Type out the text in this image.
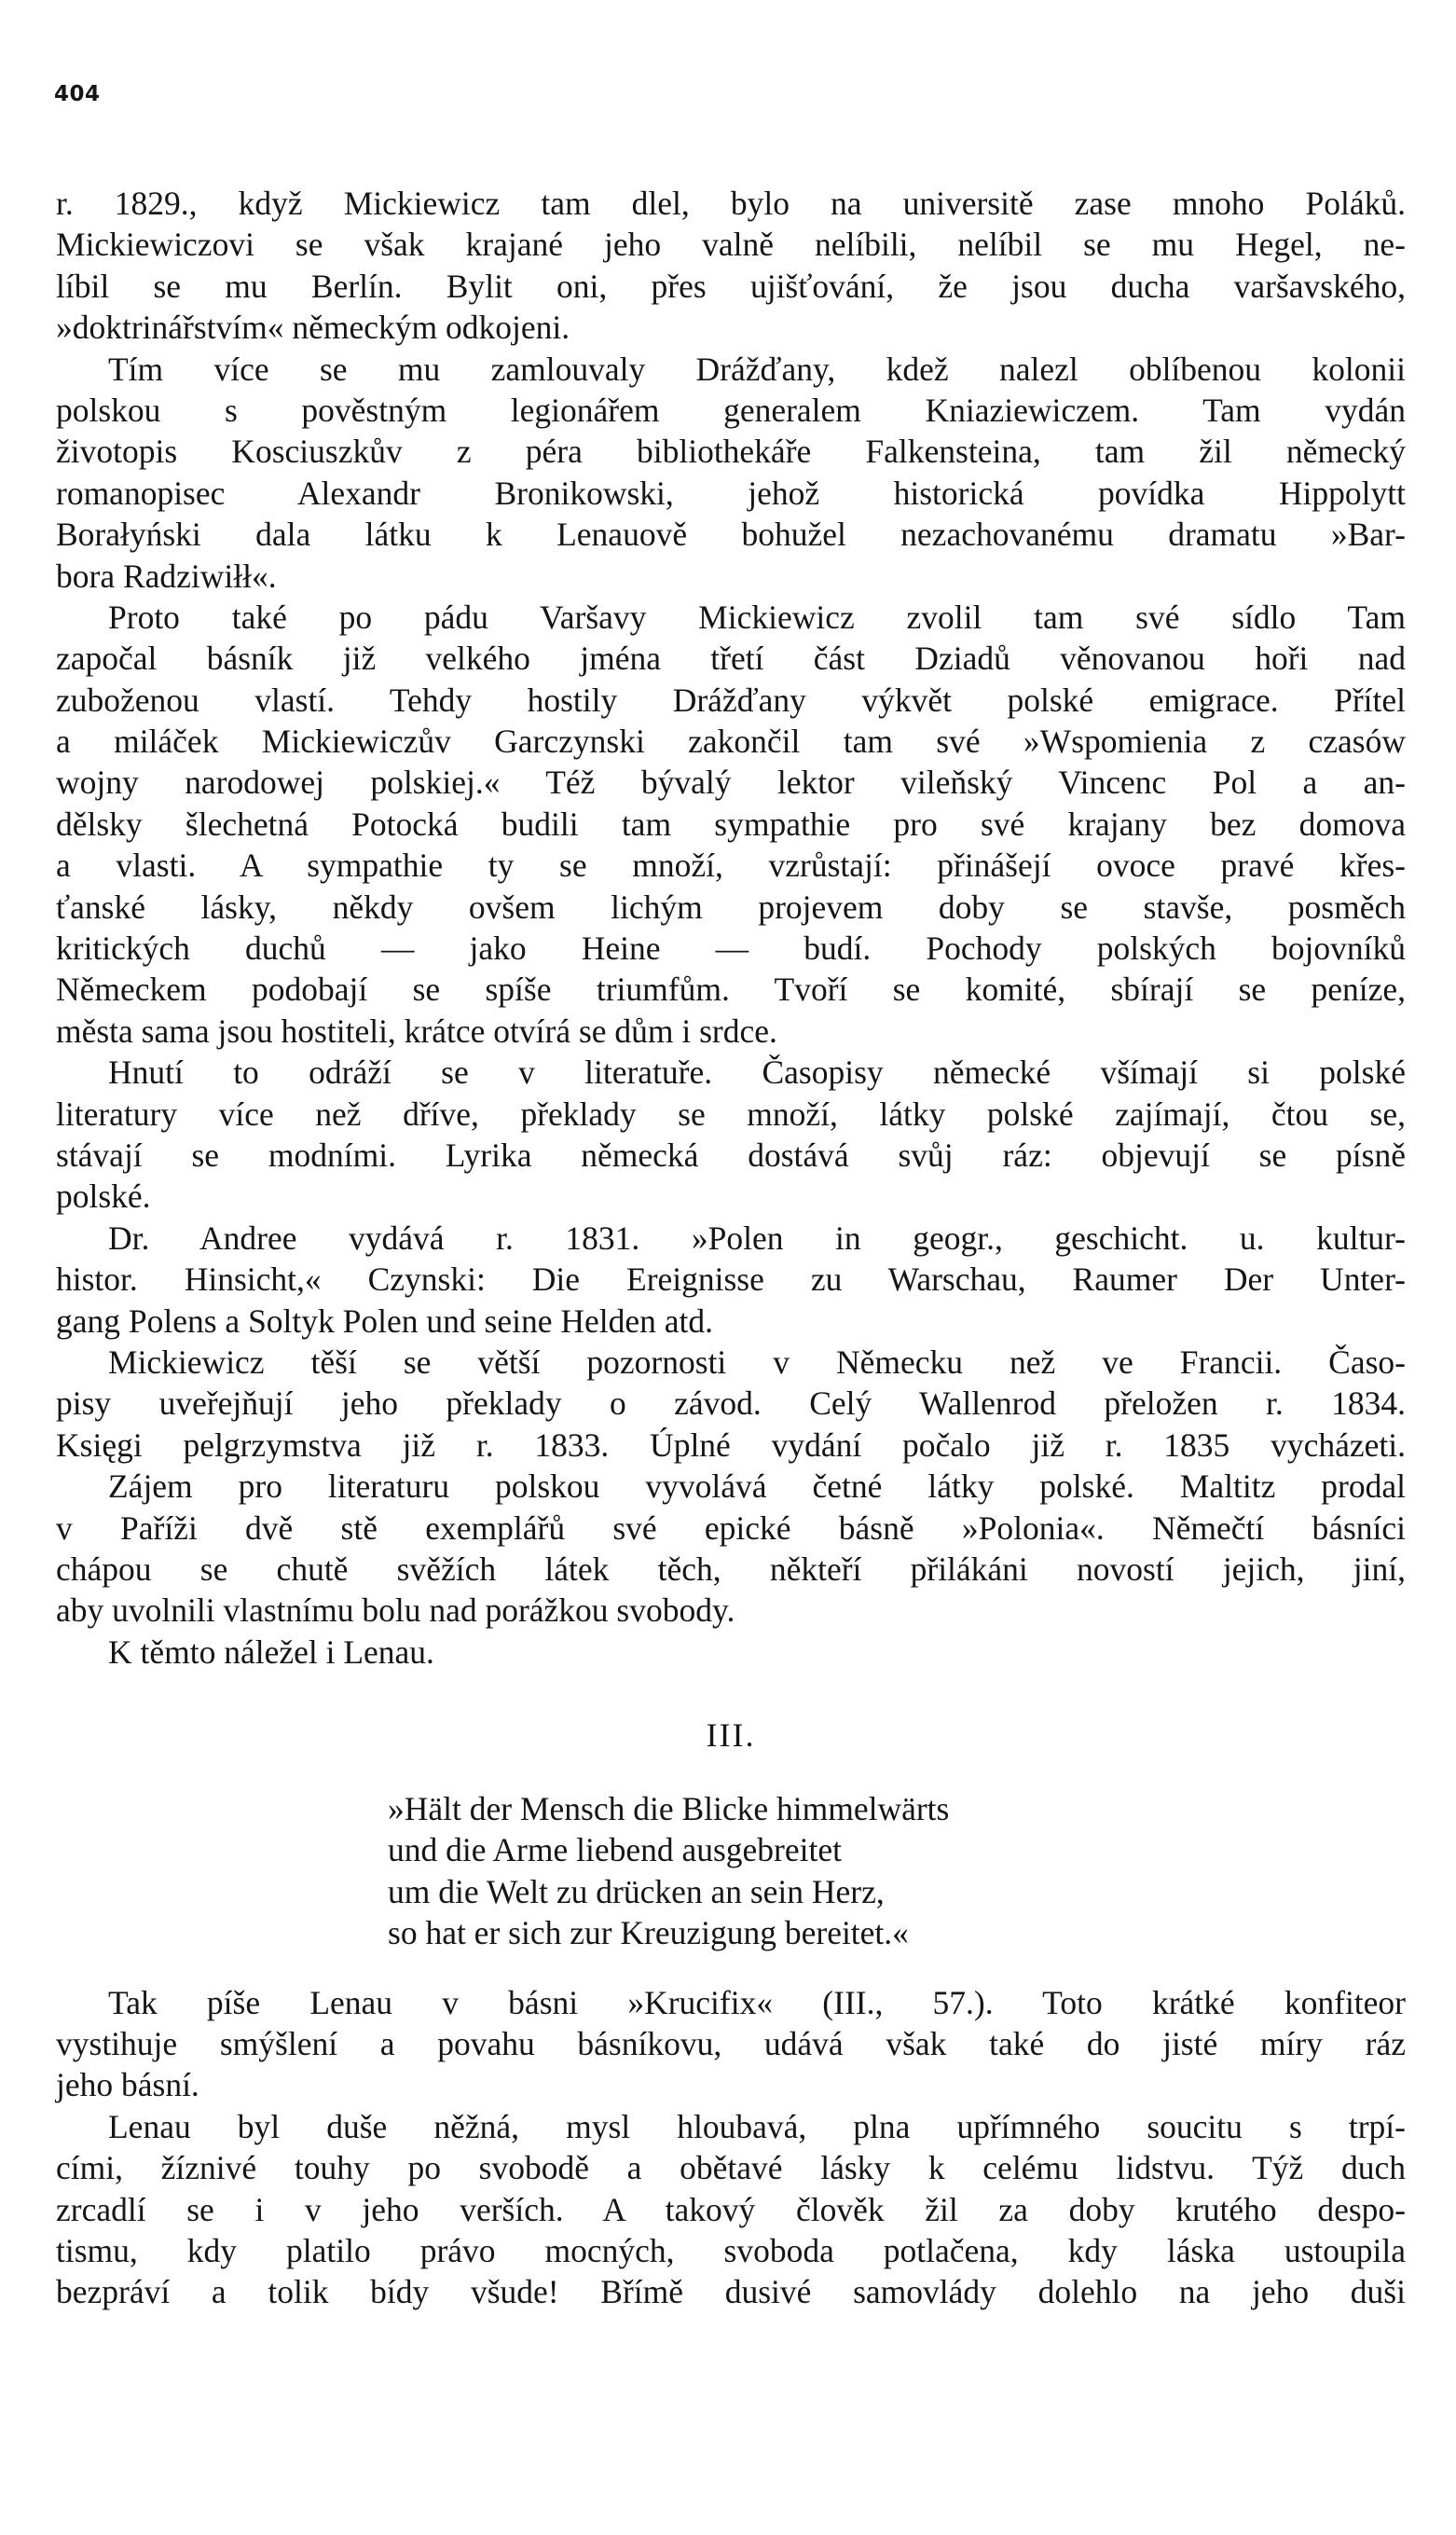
404
r. 1829., když Mickiewicz tam dlel, bylo na universitě zase mnoho Poláků.
Mickiewiczovi se však krajané jeho valně nelíbili, nelíbil se mu Hegel, ne-
líbil se mu Berlín. Bylit oni, přes ujišťování, že jsou ducha varšavského,
»doktrinářstvím« německým odkojeni.
Tím více se mu zamlouvaly Drážďany, kdež nalezl oblíbenou kolonii
polskou s pověstným legionářem generalem Kniaziewiczem. Tam vydán
životopis Kosciuszkův z péra bibliothekáře Falkensteina, tam žil německý
romanopisec Alexandr Bronikowski, jehož historická povídka Hippolytt
Borałyński dala látku k Lenauově bohužel nezachovanému dramatu »Bar-
bora Radziwiłł«.
Proto také po pádu Varšavy Mickiewicz zvolil tam své sídlo Tam
započal básník již velkého jména třetí část Dziadů věnovanou hoři nad
zuboženou vlastí. Tehdy hostily Drážďany výkvět polské emigrace. Přítel
a miláček Mickiewiczův Garczynski zakončil tam své »Wspomienia z czasów
wojny narodowej polskiej.« Též bývalý lektor vileňský Vincenc Pol a an-
dělsky šlechetná Potocká budili tam sympathie pro své krajany bez domova
a vlasti. A sympathie ty se množí, vzrůstají: přinášejí ovoce pravé křes-
ťanské lásky, někdy ovšem lichým projevem doby se stavše, posměch
kritických duchů — jako Heine — budí. Pochody polských bojovníků
Německem podobají se spíše triumfům. Tvoří se komité, sbírají se peníze,
města sama jsou hostiteli, krátce otvírá se dům i srdce.
Hnutí to odráží se v literatuře. Časopisy německé všímají si polské
literatury více než dříve, překlady se množí, látky polské zajímají, čtou se,
stávají se modními. Lyrika německá dostává svůj ráz: objevují se písně
polské.
Dr. Andree vydává r. 1831. »Polen in geogr., geschicht. u. kultur-
histor. Hinsicht,« Czynski: Die Ereignisse zu Warschau, Raumer Der Unter-
gang Polens a Soltyk Polen und seine Helden atd.
Mickiewicz těší se větší pozornosti v Německu než ve Francii. Časo-
pisy uveřejňují jeho překlady o závod. Celý Wallenrod přeložen r. 1834.
Księgi pelgrzymstva již r. 1833. Úplné vydání počalo již r. 1835 vycházeti.
Zájem pro literaturu polskou vyvolává četné látky polské. Maltitz prodal
v Paříži dvě stě exemplářů své epické básně »Polonia«. Němečtí básníci
chápou se chutě svěžích látek těch, někteří přilákáni novostí jejich, jiní,
aby uvolnili vlastnímu bolu nad porážkou svobody.
K těmto náležel i Lenau.
III.
»Hält der Mensch die Blicke himmelwärts
und die Arme liebend ausgebreitet
um die Welt zu drücken an sein Herz,
so hat er sich zur Kreuzigung bereitet.«
Tak píše Lenau v básni »Krucifix« (III., 57.). Toto krátké konfiteor
vystihuje smýšlení a povahu básníkovu, udává však také do jisté míry ráz
jeho básní.
Lenau byl duše něžná, mysl hloubavá, plna upřímného soucitu s trpí-
cími, žíznivé touhy po svobodě a obětavé lásky k celému lidstvu. Týž duch
zrcadlí se i v jeho verších. A takový člověk žil za doby krutého despo-
tismu, kdy platilo právo mocných, svoboda potlačena, kdy láska ustoupila
bezpráví a tolik bídy všude! Břímě dusivé samovlády dolehlo na jeho duši
